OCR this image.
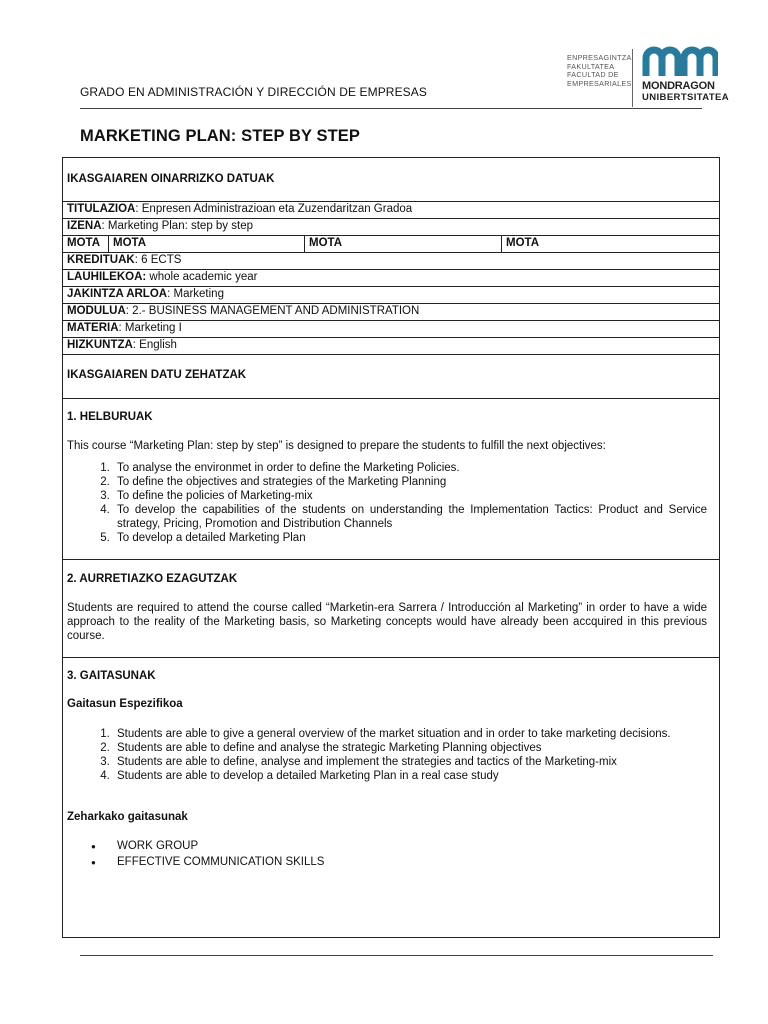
GRADO EN ADMINISTRACIÓN Y DIRECCIÓN DE EMPRESAS
ENPRESAGINTZA
FAKULTATEA
FACULTAD DE
EMPRESARIALES MONDRAGON
UNIBERTSITATEA
MARKETING PLAN: STEP BY STEP
IKASGAIAREN OINARRIZKO DATUAK
TITULAZIOA: Enpresen Administrazioan eta Zuzendaritzan Gradoa
IZENA: Marketing Plan: step by step
MOTA MOTA	MOTA	MOTA
KREDITUAK: 6 ECTS
LAUHILEKOA: whole academic year
JAKINTZA ARLOA: Marketing
MODULUA: 2.- BUSINESS MANAGEMENT AND ADMINISTRATION
MATERIA: Marketing I
HIZKUNTZA: English
IKASGAIAREN DATU ZEHATZAK
1. HELBURUAK
This course “Marketing Plan: step by step” is designed to prepare the students to fulfill the next objectives:
1. To analyse the environmet in order to define the Marketing Policies.
2. To define the objectives and strategies of the Marketing Planning
3. To define the policies of Marketing-mix
4. To develop the capabilities of the students on understanding the Implementation Tactics: Product and Service strategy, Pricing, Promotion and Distribution Channels
5. To develop a detailed Marketing Plan
2. AURRETIAZKO EZAGUTZAK
Students are required to attend the course called “Marketin-era Sarrera / Introducción al Marketing” in order to have a wide approach to the reality of the Marketing basis, so Marketing concepts would have already been accquired in this previous course.
3. GAITASUNAK
Gaitasun Espezifikoa
1. Students are able to give a general overview of the market situation and in order to take marketing decisions.
2. Students are able to define and analyse the strategic Marketing Planning objectives
3. Students are able to define, analyse and implement the strategies and tactics of the Marketing-mix
4. Students are able to develop a detailed Marketing Plan in a real case study
Zeharkako gaitasunak
● WORK GROUP
● EFFECTIVE COMMUNICATION SKILLS
